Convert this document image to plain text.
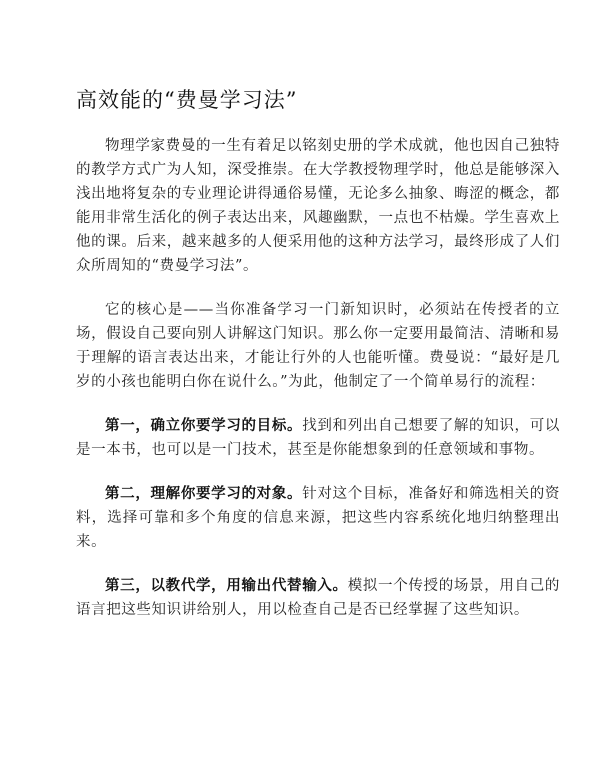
高效能的“费曼学习法”

物理学家费曼的一生有着足以铭刻史册的学术成就，他也因自己独特的教学方式广为人知，深受推崇。在大学教授物理学时，他总是能够深入浅出地将复杂的专业理论讲得通俗易懂，无论多么抽象、晦涩的概念，都能用非常生活化的例子表达出来，风趣幽默，一点也不枯燥。学生喜欢上他的课。后来，越来越多的人便采用他的这种方法学习，最终形成了人们众所周知的“费曼学习法”。

它的核心是——当你准备学习一门新知识时，必须站在传授者的立场，假设自己要向别人讲解这门知识。那么你一定要用最简洁、清晰和易于理解的语言表达出来，才能让行外的人也能听懂。费曼说：“最好是几岁的小孩也能明白你在说什么。”为此，他制定了一个简单易行的流程：

第一，确立你要学习的目标。找到和列出自己想要了解的知识，可以是一本书，也可以是一门技术，甚至是你能想象到的任意领域和事物。

第二，理解你要学习的对象。针对这个目标，准备好和筛选相关的资料，选择可靠和多个角度的信息来源，把这些内容系统化地归纳整理出来。

第三，以教代学，用输出代替输入。模拟一个传授的场景，用自己的语言把这些知识讲给别人，用以检查自己是否已经掌握了这些知识。
